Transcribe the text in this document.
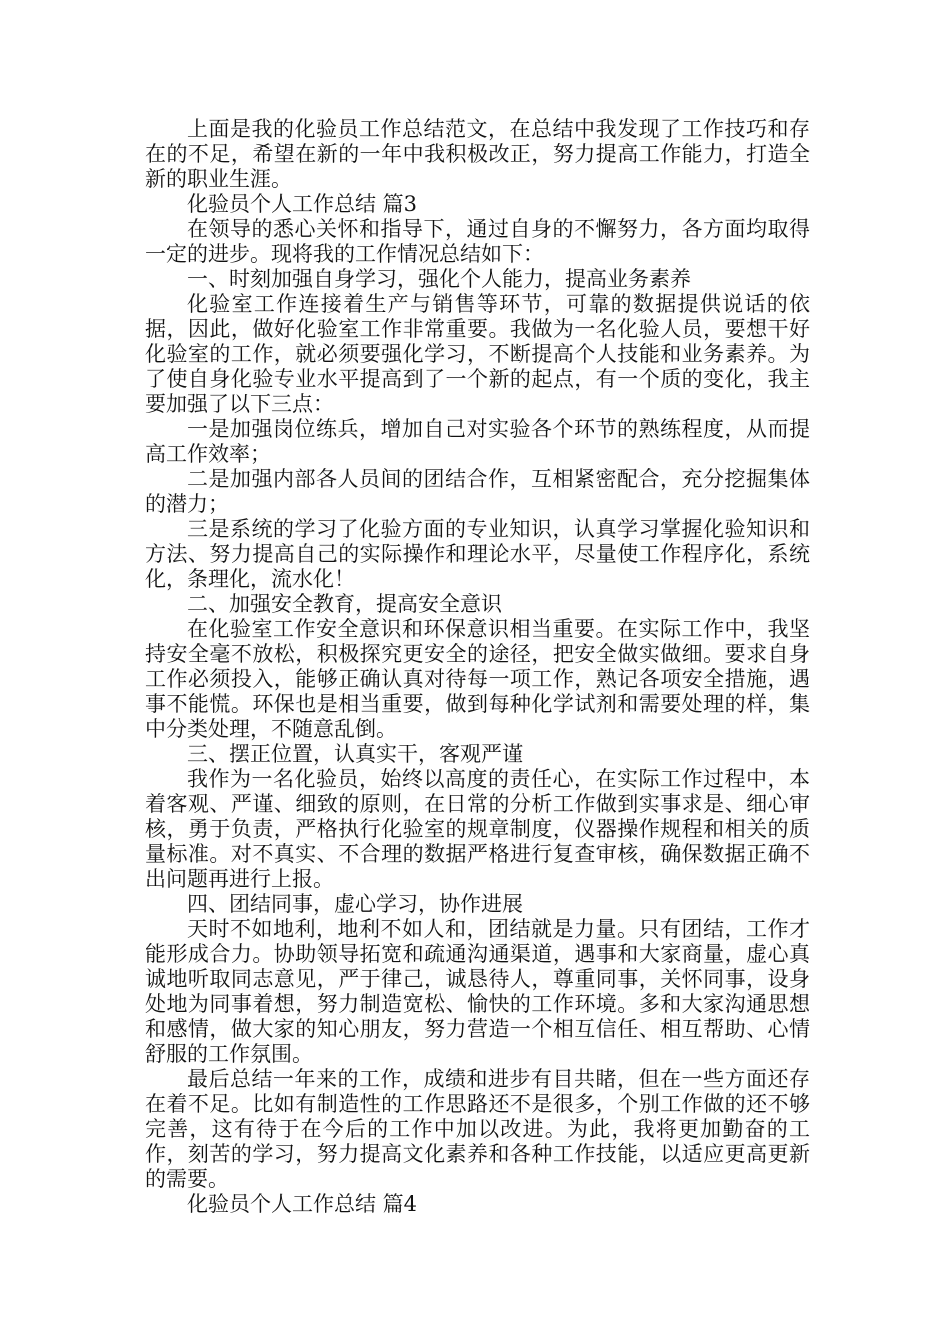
上面是我的化验员工作总结范文，在总结中我发现了工作技巧和存在的不足，希望在新的一年中我积极改正，努力提高工作能力，打造全新的职业生涯。

化验员个人工作总结 篇3

在领导的悉心关怀和指导下，通过自身的不懈努力，各方面均取得一定的进步。现将我的工作情况总结如下：

一、时刻加强自身学习，强化个人能力，提高业务素养

化验室工作连接着生产与销售等环节，可靠的数据提供说话的依据，因此，做好化验室工作非常重要。我做为一名化验人员，要想干好化验室的工作，就必须要强化学习，不断提高个人技能和业务素养。为了使自身化验专业水平提高到了一个新的起点，有一个质的变化，我主要加强了以下三点：

一是加强岗位练兵，增加自己对实验各个环节的熟练程度，从而提高工作效率；

二是加强内部各人员间的团结合作，互相紧密配合，充分挖掘集体的潜力；

三是系统的学习了化验方面的专业知识，认真学习掌握化验知识和方法、努力提高自己的实际操作和理论水平，尽量使工作程序化，系统化，条理化，流水化！

二、加强安全教育，提高安全意识

在化验室工作安全意识和环保意识相当重要。在实际工作中，我坚持安全毫不放松，积极探究更安全的途径，把安全做实做细。要求自身工作必须投入，能够正确认真对待每一项工作，熟记各项安全措施，遇事不能慌。环保也是相当重要，做到每种化学试剂和需要处理的样，集中分类处理，不随意乱倒。

三、摆正位置，认真实干，客观严谨

我作为一名化验员，始终以高度的责任心，在实际工作过程中，本着客观、严谨、细致的原则，在日常的分析工作做到实事求是、细心审核，勇于负责，严格执行化验室的规章制度，仪器操作规程和相关的质量标准。对不真实、不合理的数据严格进行复查审核，确保数据正确不出问题再进行上报。

四、团结同事，虚心学习，协作进展

天时不如地利，地利不如人和，团结就是力量。只有团结，工作才能形成合力。协助领导拓宽和疏通沟通渠道，遇事和大家商量，虚心真诚地听取同志意见，严于律己，诚恳待人，尊重同事，关怀同事，设身处地为同事着想，努力制造宽松、愉快的工作环境。多和大家沟通思想和感情，做大家的知心朋友，努力营造一个相互信任、相互帮助、心情舒服的工作氛围。

最后总结一年来的工作，成绩和进步有目共睹，但在一些方面还存在着不足。比如有制造性的工作思路还不是很多，个别工作做的还不够完善，这有待于在今后的工作中加以改进。为此，我将更加勤奋的工作，刻苦的学习，努力提高文化素养和各种工作技能，以适应更高更新的需要。

化验员个人工作总结 篇4
